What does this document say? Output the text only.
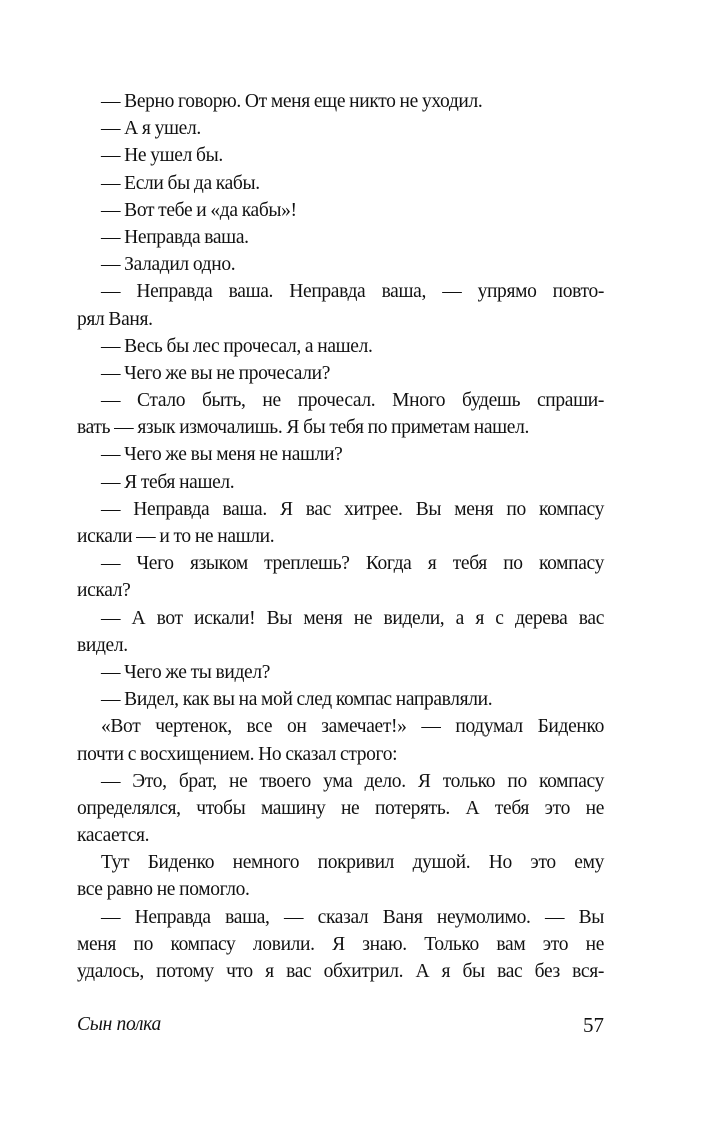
— Верно говорю. От меня еще никто не уходил.
— А я ушел.
— Не ушел бы.
— Если бы да кабы.
— Вот тебе и «да кабы»!
— Неправда ваша.
— Заладил одно.
— Неправда ваша. Неправда ваша, — упрямо повто-
рял Ваня.
— Весь бы лес прочесал, а нашел.
— Чего же вы не прочесали?
— Стало быть, не прочесал. Много будешь спраши-
вать — язык измочалишь. Я бы тебя по приметам нашел.
— Чего же вы меня не нашли?
— Я тебя нашел.
— Неправда ваша. Я вас хитрее. Вы меня по компасу
искали — и то не нашли.
— Чего языком треплешь? Когда я тебя по компасу
искал?
— А вот искали! Вы меня не видели, а я с дерева вас
видел.
— Чего же ты видел?
— Видел, как вы на мой след компас направляли.
«Вот чертенок, все он замечает!» — подумал Биденко
почти с восхищением. Но сказал строго:
— Это, брат, не твоего ума дело. Я только по компасу
определялся, чтобы машину не потерять. А тебя это не
касается.
Тут Биденко немного покривил душой. Но это ему
все равно не помогло.
— Неправда ваша, — сказал Ваня неумолимо. — Вы
меня по компасу ловили. Я знаю. Только вам это не
удалось, потому что я вас обхитрил. А я бы вас без вся-
Сын полка	57
